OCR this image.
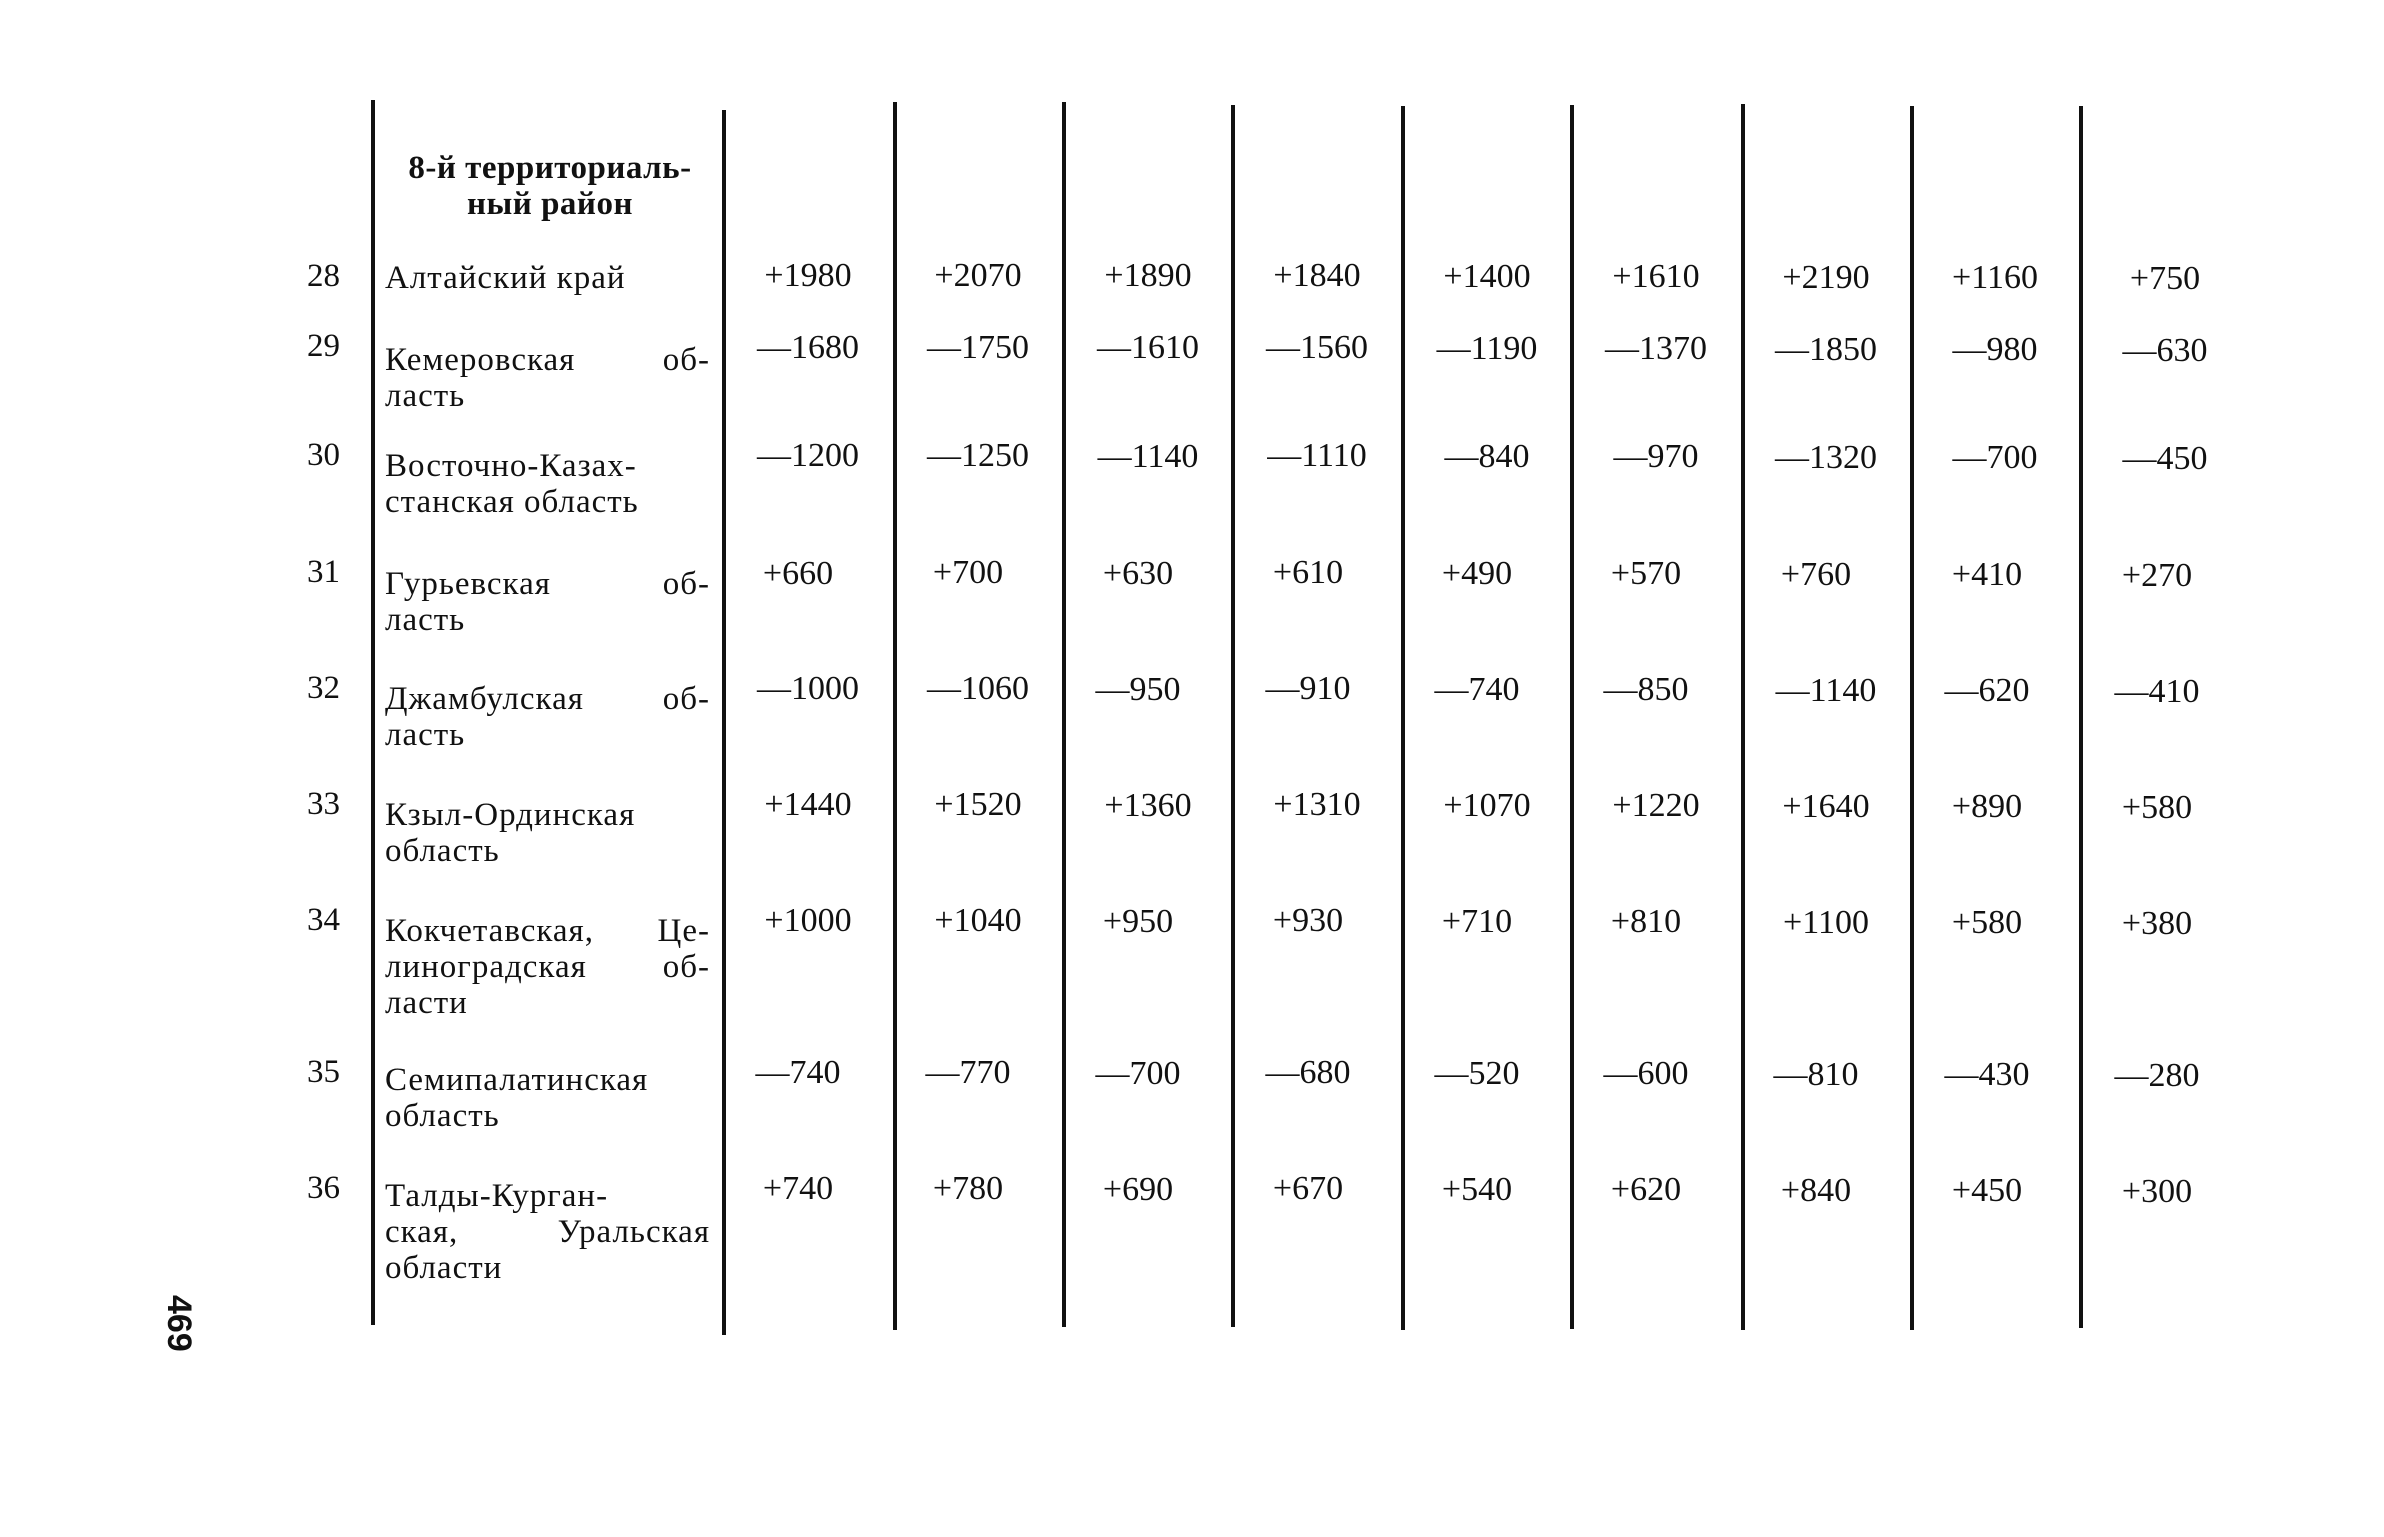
8-й территориаль-
ный район
28 Алтайский край	+1980	+2070	+1890	+1840	+1400	+1610	+2190	+1160	+750
29 Кемеровская об-
ласть
—1680	—1750	—1610	—1560	—1190	—1370	—1850	—980	—630
30 Восточно-Казах-
станская область
—1200	—1250	—1140	—1110	—840	—970	—1320	—700	—450
31 Гурьевская об-
ласть
+660	+700	+630	+610	+490	+570	+760	+410	+270
32 Джамбулская об-
ласть
—1000	—1060	—950	—910	—740	—850	—1140	—620	—410
33 Кзыл-Ординская
область
+1440	+1520	+1360	+1310	+1070	+1220	+1640	+890	+580
34 Кокчетавская, Це-
линоградская об-
ласти
+1000	+1040	+950	+930	+710	+810	+1100	+580	+380
35 Семипалатинская
область
—740	—770	—700	—680	—520	—600	—810	—430	—280
36 Талды-Курган-
ская, Уральская
области
+740	+780	+690	+670	+540	+620	+840	+450	+300
469
